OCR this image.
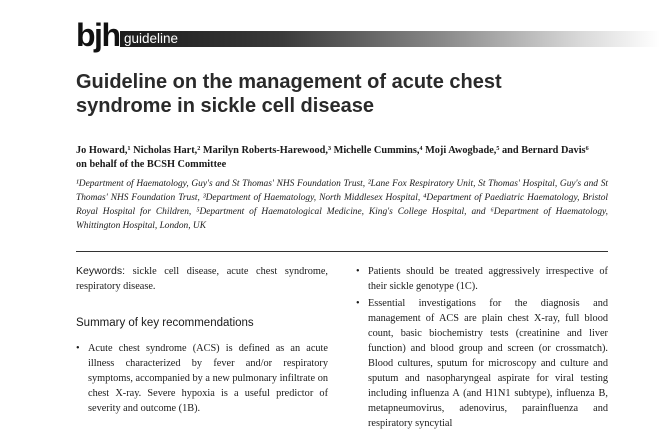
bjh guideline
Guideline on the management of acute chest syndrome in sickle cell disease
Jo Howard,¹ Nicholas Hart,² Marilyn Roberts-Harewood,³ Michelle Cummins,⁴ Moji Awogbade,⁵ and Bernard Davis⁶ on behalf of the BCSH Committee
¹Department of Haematology, Guy's and St Thomas' NHS Foundation Trust, ²Lane Fox Respiratory Unit, St Thomas' Hospital, Guy's and St Thomas' NHS Foundation Trust, ³Department of Haematology, North Middlesex Hospital, ⁴Department of Paediatric Haematology, Bristol Royal Hospital for Children, ⁵Department of Haematological Medicine, King's College Hospital, and ⁶Department of Haematology, Whittington Hospital, London, UK
Keywords: sickle cell disease, acute chest syndrome, respiratory disease.
Summary of key recommendations
• Acute chest syndrome (ACS) is defined as an acute illness characterized by fever and/or respiratory symptoms, accompanied by a new pulmonary infiltrate on chest X-ray. Severe hypoxia is a useful predictor of severity and outcome (1B).
• Patients should be treated aggressively irrespective of their sickle genotype (1C).
• Essential investigations for the diagnosis and management of ACS are plain chest X-ray, full blood count, basic biochemistry tests (creatinine and liver function) and blood group and screen (or crossmatch). Blood cultures, sputum for microscopy and culture and sputum and nasopharyngeal aspirate for viral testing including influenza A (and H1N1 subtype), influenza B, metapneumovirus, adenovirus, parainfluenza and respiratory syncytial
